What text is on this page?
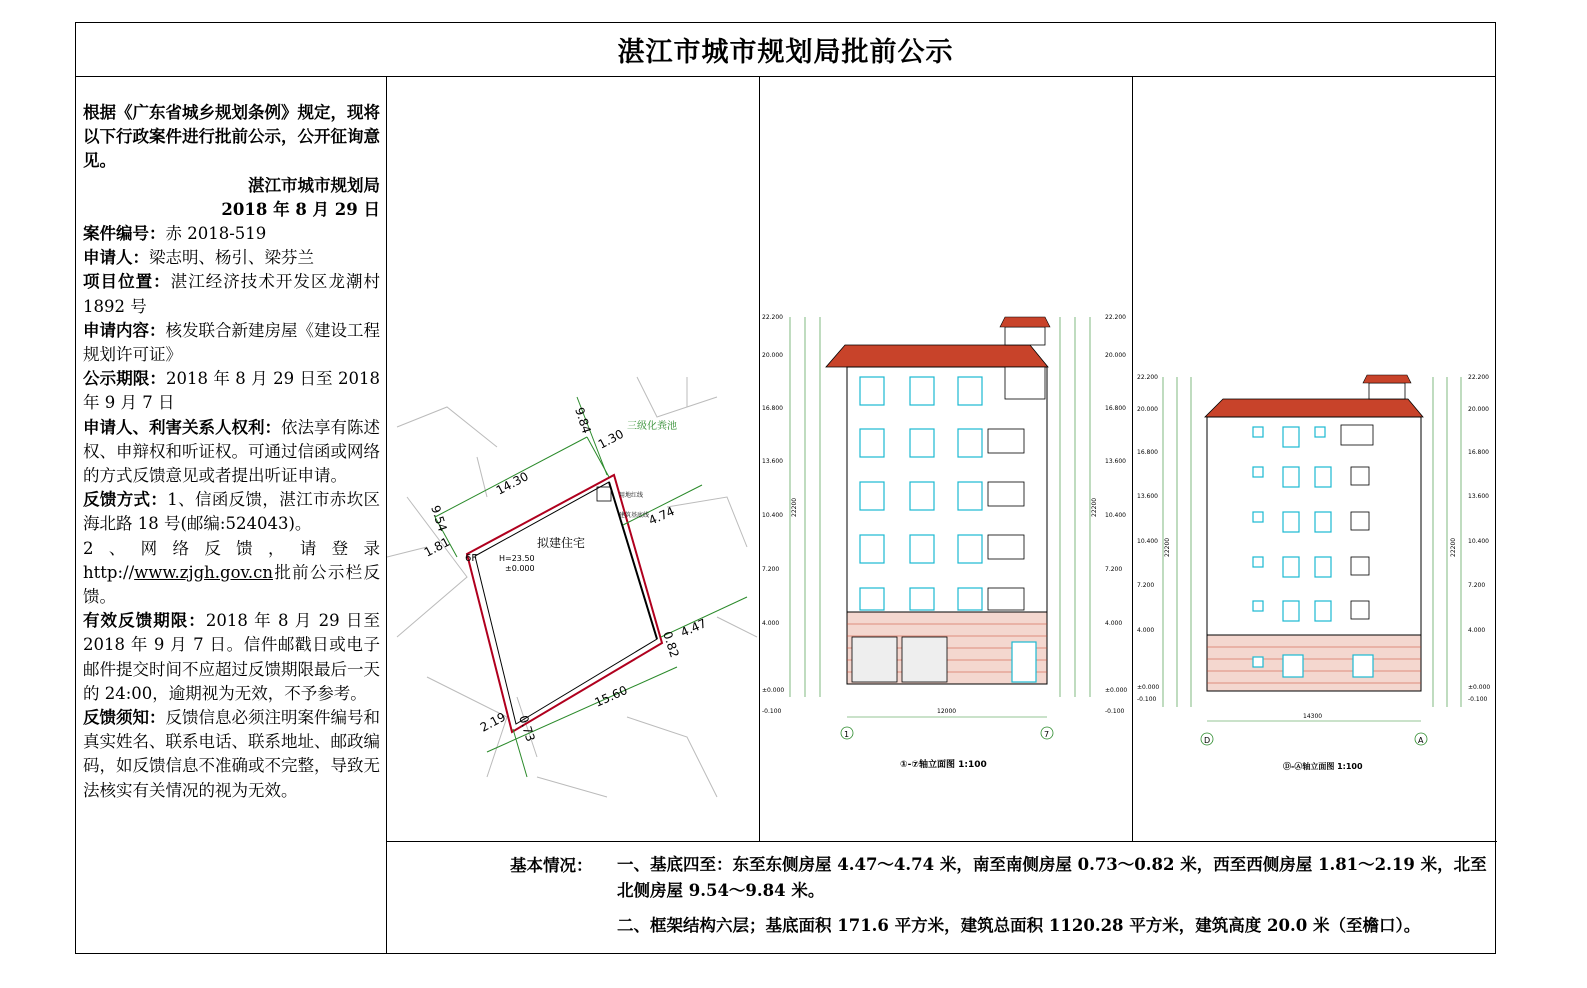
湛江市城市规划局批前公示

根据《广东省城乡规划条例》规定，现将以下行政案件进行批前公示，公开征询意见。

湛江市城市规划局

2018 年 8 月 29 日

案件编号：赤 2018-519

申请人：梁志明、杨引、梁芬兰

项目位置：湛江经济技术开发区龙潮村 1892 号

申请内容：核发联合新建房屋《建设工程规划许可证》

公示期限：2018 年 8 月 29 日至 2018 年 9 月 7 日

申请人、利害关系人权利：依法享有陈述权、申辩权和听证权。可通过信函或网络的方式反馈意见或者提出听证申请。

反馈方式：1、信函反馈，湛江市赤坎区海北路 18 号(邮编:524043)。

2、网络反馈，请登录 http://www.zjgh.gov.cn批前公示栏反馈。

有效反馈期限：2018 年 8 月 29 日至 2018 年 9 月 7 日。信件邮戳日或电子邮件提交时间不应超过反馈期限最后一天的 24:00，逾期视为无效，不予参考。

反馈须知：反馈信息必须注明案件编号和真实姓名、联系电话、联系地址、邮政编码，如反馈信息不准确或不完整，导致无法核实有关情况的视为无效。

拟建住宅
6F	H=23.50
±0.000
三级化粪池
用地红线
建筑基底线
14.30
15.60
9.54
9.84
1.30
4.74
4.47
1.81
2.19 0.73
0.82
22.200
20.000
16.800
13.600
10.400
7.200
4.000
±0.000
-0.100
22.200
20.000
16.800
13.600
10.400
7.200
4.000
±0.000
-0.100
12000
22200	22200
1	7
①-⑦轴立面图 1:100
22.200
20.000
16.800
13.600
10.400
7.200
4.000
±0.000
-0.100
22.200
20.000
16.800
13.600
10.400
7.200
4.000
±0.000
-0.100
14300
22200	22200
D	A
Ⓓ-Ⓐ轴立面图 1:100
基本情况： 一、基底四至：东至东侧房屋 4.47～4.74 米，南至南侧房屋 0.73～0.82 米，西至西侧房屋 1.81～2.19 米，北至北侧房屋 9.54～9.84 米。
二、框架结构六层；基底面积 171.6 平方米，建筑总面积 1120.28 平方米，建筑高度 20.0 米（至檐口）。
